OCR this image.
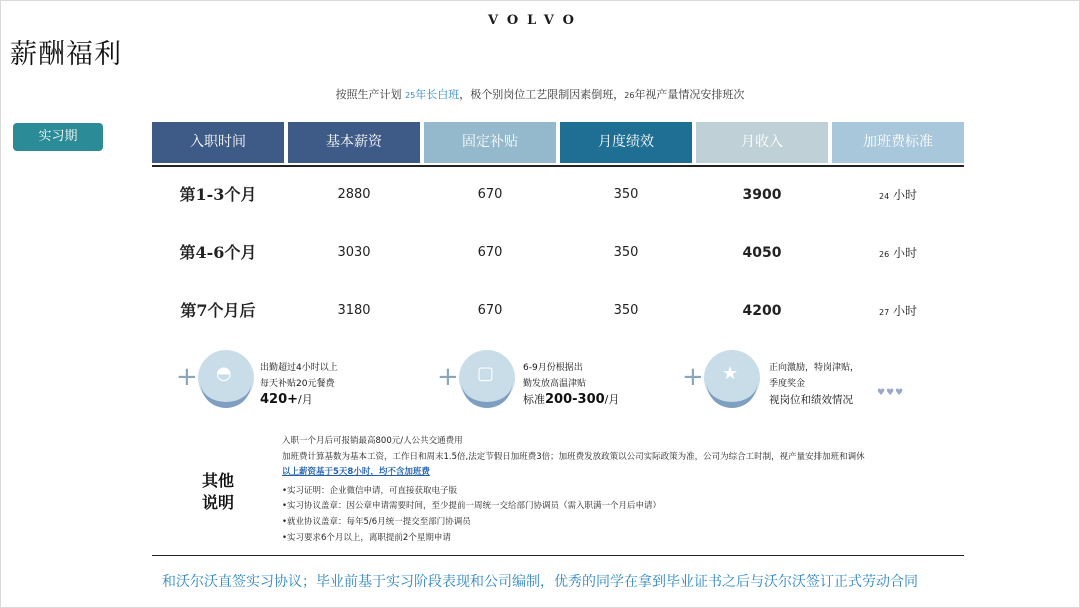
VOLVO
薪酬福利
按照生产计划 25年长白班，极个别岗位工艺限制因素倒班，26年视产量情况安排班次
实习期	入职时间	基本薪资	固定补贴	月度绩效	月收入	加班费标准
第1-3个月	2880	670	350	3900	24 小时
第4-6个月	3030	670	350	4050	26 小时
第7个月后	3180	670	350	4200	27 小时
+ ◓	出勤超过4小时以上
每天补贴20元餐费
420+/月
+ ▢	6-9月份根据出
勤发放高温津贴
标准200-300/月
+ ★	正向激励，特岗津贴，
季度奖金
视岗位和绩效情况
♥♥♥
其他
说明
入职一个月后可报销最高800元/人公共交通费用
加班费计算基数为基本工资，工作日和周末1.5倍,法定节假日加班费3倍；加班费发放政策以公司实际政策为准，公司为综合工时制，视产量安排加班和调休
以上薪资基于5天8小时，均不含加班费
•实习证明：企业微信申请，可直接获取电子版
•实习协议盖章：因公章申请需要时间，至少提前一周统一交给部门协调员（需入职满一个月后申请）
•就业协议盖章：每年5/6月统一提交至部门协调员
•实习要求6个月以上，离职提前2个星期申请
和沃尔沃直签实习协议；毕业前基于实习阶段表现和公司编制，优秀的同学在拿到毕业证书之后与沃尔沃签订正式劳动合同
